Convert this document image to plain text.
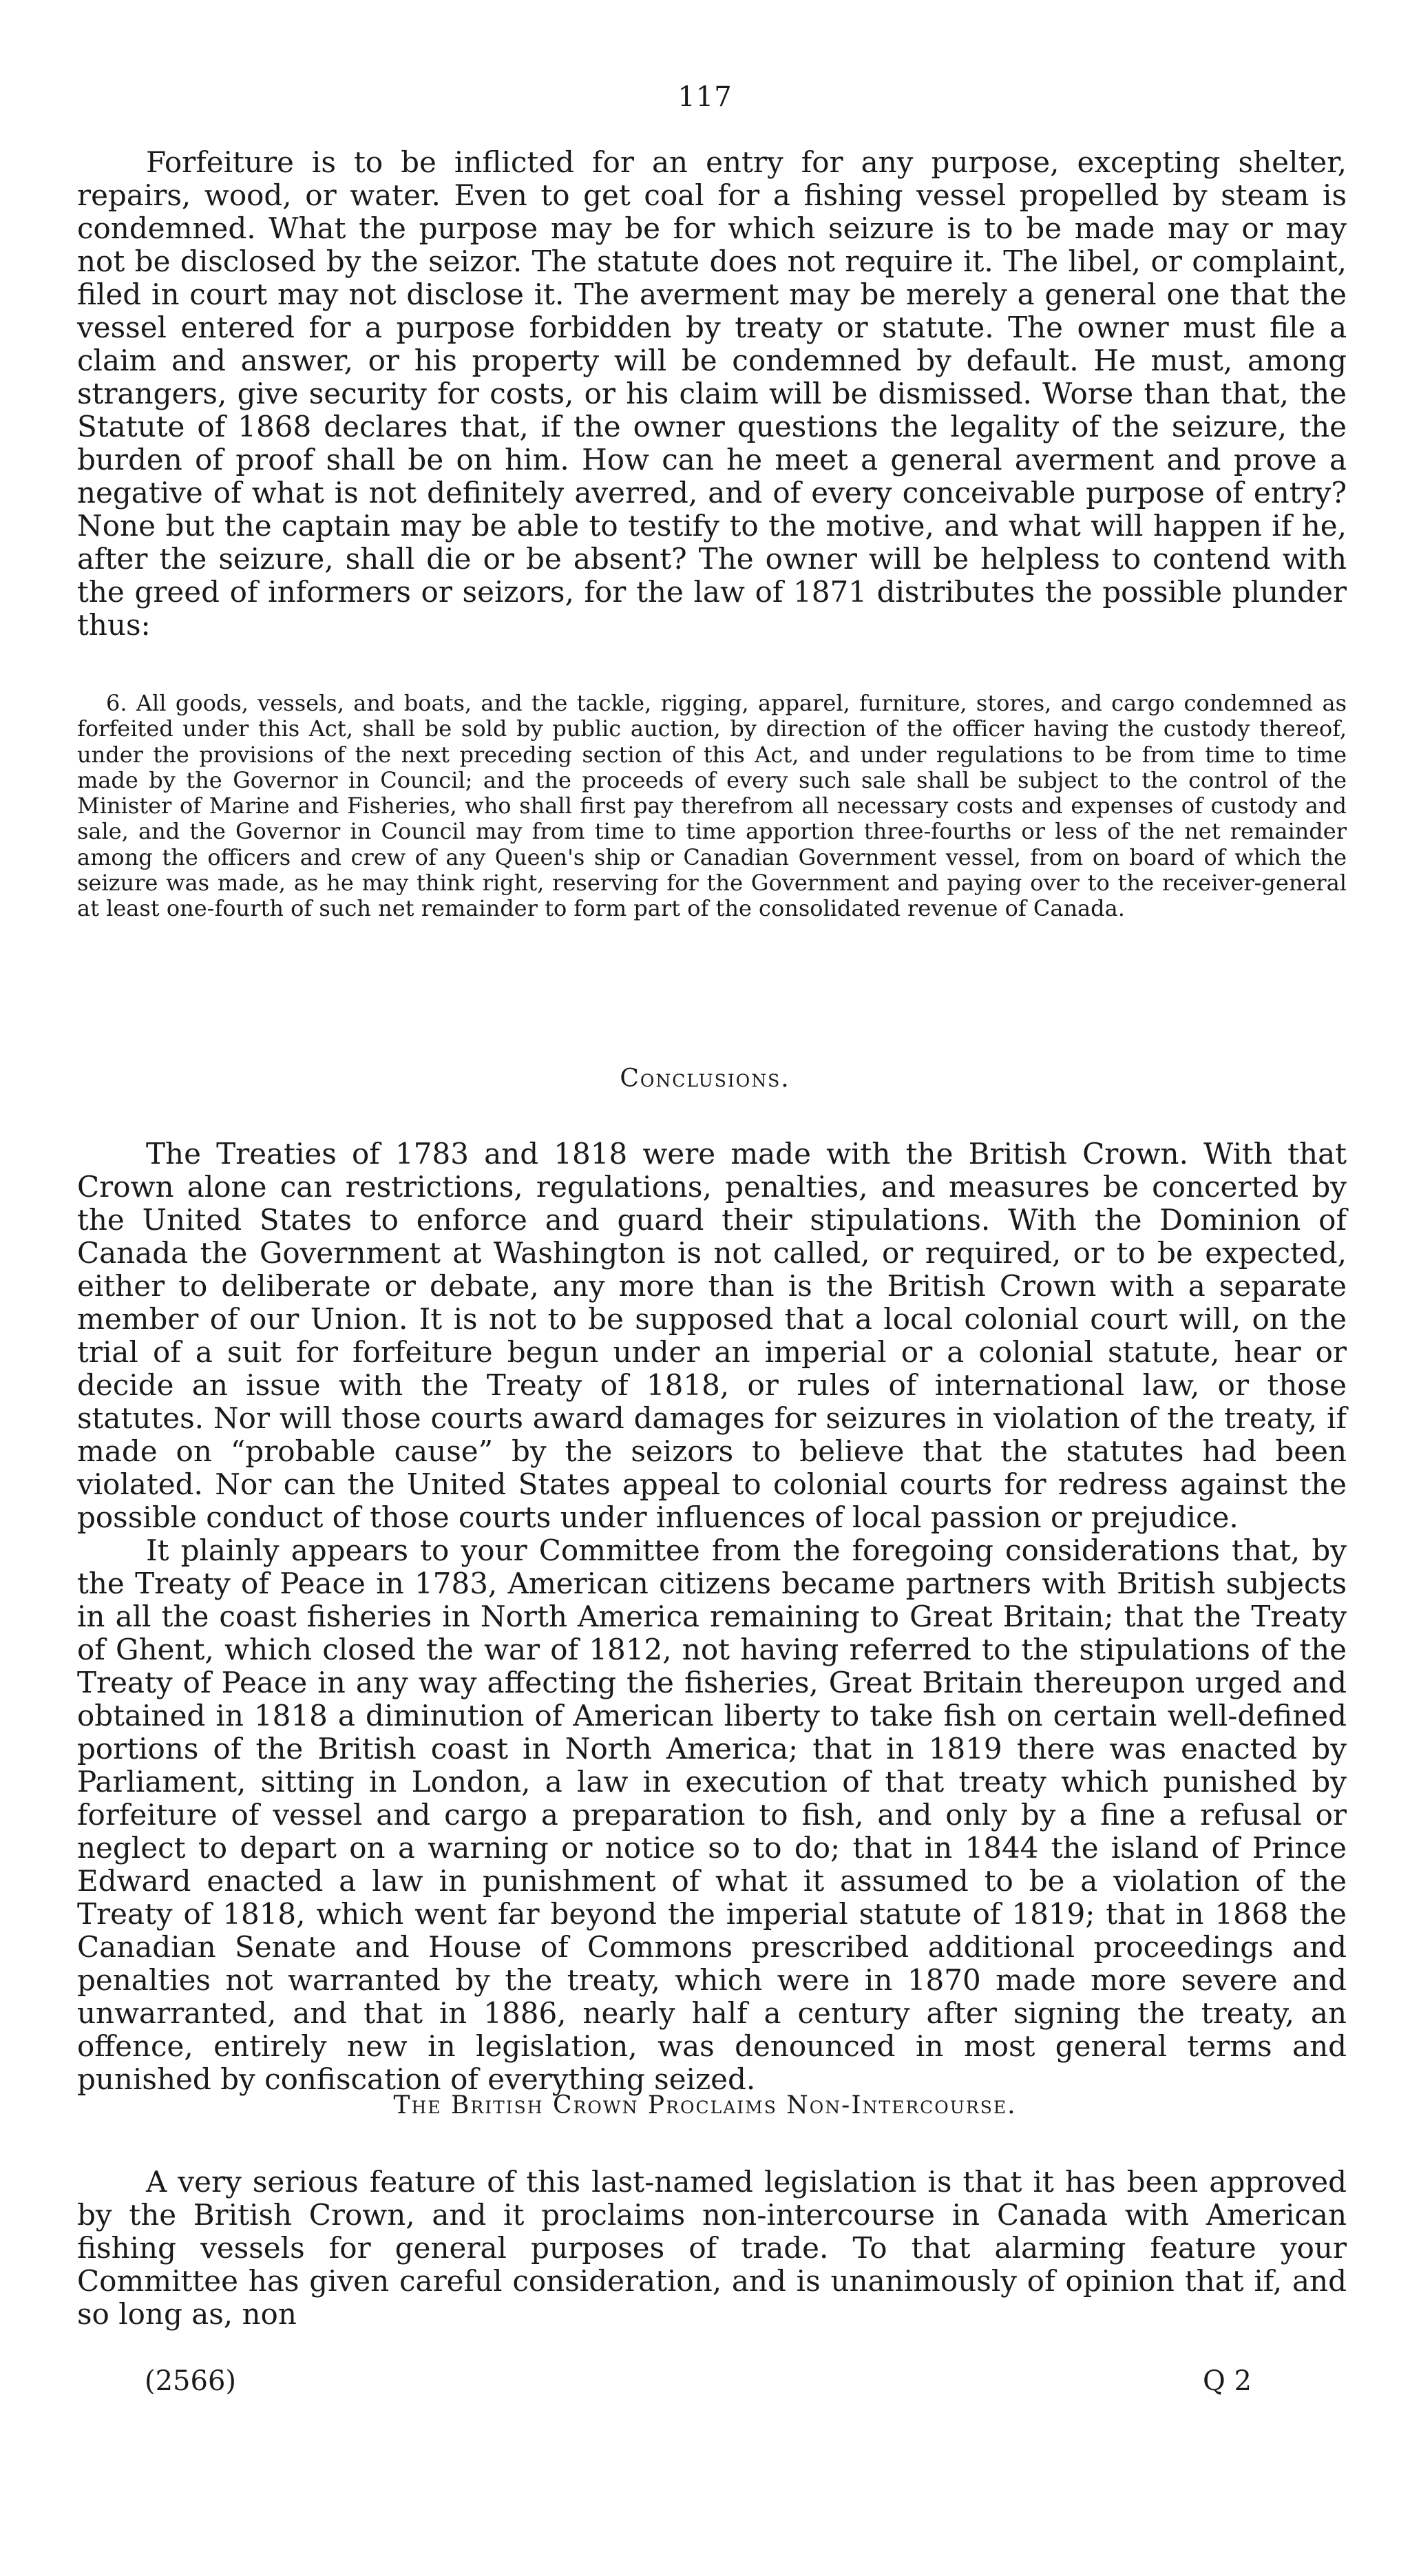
117

Forfeiture is to be inflicted for an entry for any purpose, excepting shelter, repairs, wood, or water. Even to get coal for a fishing vessel propelled by steam is condemned. What the purpose may be for which seizure is to be made may or may not be disclosed by the seizor. The statute does not require it. The libel, or complaint, filed in court may not disclose it. The averment may be merely a general one that the vessel entered for a purpose forbidden by treaty or statute. The owner must file a claim and answer, or his property will be condemned by default. He must, among strangers, give security for costs, or his claim will be dismissed. Worse than that, the Statute of 1868 declares that, if the owner questions the legality of the seizure, the burden of proof shall be on him. How can he meet a general averment and prove a negative of what is not definitely averred, and of every conceivable purpose of entry? None but the captain may be able to testify to the motive, and what will happen if he, after the seizure, shall die or be absent? The owner will be helpless to contend with the greed of informers or seizors, for the law of 1871 distributes the possible plunder thus:

6. All goods, vessels, and boats, and the tackle, rigging, apparel, furniture, stores, and cargo condemned as forfeited under this Act, shall be sold by public auction, by direction of the officer having the custody thereof, under the provisions of the next preceding section of this Act, and under regulations to be from time to time made by the Governor in Council; and the proceeds of every such sale shall be subject to the control of the Minister of Marine and Fisheries, who shall first pay therefrom all necessary costs and expenses of custody and sale, and the Governor in Council may from time to time apportion three-fourths or less of the net remainder among the officers and crew of any Queen's ship or Canadian Government vessel, from on board of which the seizure was made, as he may think right, reserving for the Government and paying over to the receiver-general at least one-fourth of such net remainder to form part of the consolidated revenue of Canada.

Conclusions.

The Treaties of 1783 and 1818 were made with the British Crown. With that Crown alone can restrictions, regulations, penalties, and measures be concerted by the United States to enforce and guard their stipulations. With the Dominion of Canada the Government at Washington is not called, or required, or to be expected, either to deliberate or debate, any more than is the British Crown with a separate member of our Union. It is not to be supposed that a local colonial court will, on the trial of a suit for forfeiture begun under an imperial or a colonial statute, hear or decide an issue with the Treaty of 1818, or rules of international law, or those statutes. Nor will those courts award damages for seizures in violation of the treaty, if made on “probable cause” by the seizors to believe that the statutes had been violated. Nor can the United States appeal to colonial courts for redress against the possible conduct of those courts under influences of local passion or prejudice.

It plainly appears to your Committee from the foregoing considerations that, by the Treaty of Peace in 1783, American citizens became partners with British subjects in all the coast fisheries in North America remaining to Great Britain; that the Treaty of Ghent, which closed the war of 1812, not having referred to the stipulations of the Treaty of Peace in any way affecting the fisheries, Great Britain thereupon urged and obtained in 1818 a diminution of American liberty to take fish on certain well-defined portions of the British coast in North America; that in 1819 there was enacted by Parliament, sitting in London, a law in execution of that treaty which punished by forfeiture of vessel and cargo a preparation to fish, and only by a fine a refusal or neglect to depart on a warning or notice so to do; that in 1844 the island of Prince Edward enacted a law in punishment of what it assumed to be a violation of the Treaty of 1818, which went far beyond the imperial statute of 1819; that in 1868 the Canadian Senate and House of Commons prescribed additional proceedings and penalties not warranted by the treaty, which were in 1870 made more severe and unwarranted, and that in 1886, nearly half a century after signing the treaty, an offence, entirely new in legislation, was denounced in most general terms and punished by confiscation of everything seized.

The British Crown Proclaims Non-Intercourse.

A very serious feature of this last-named legislation is that it has been approved by the British Crown, and it proclaims non-intercourse in Canada with American fishing vessels for general purposes of trade. To that alarming feature your Committee has given careful consideration, and is unanimously of opinion that if, and so long as, non

(2566)	Q 2
